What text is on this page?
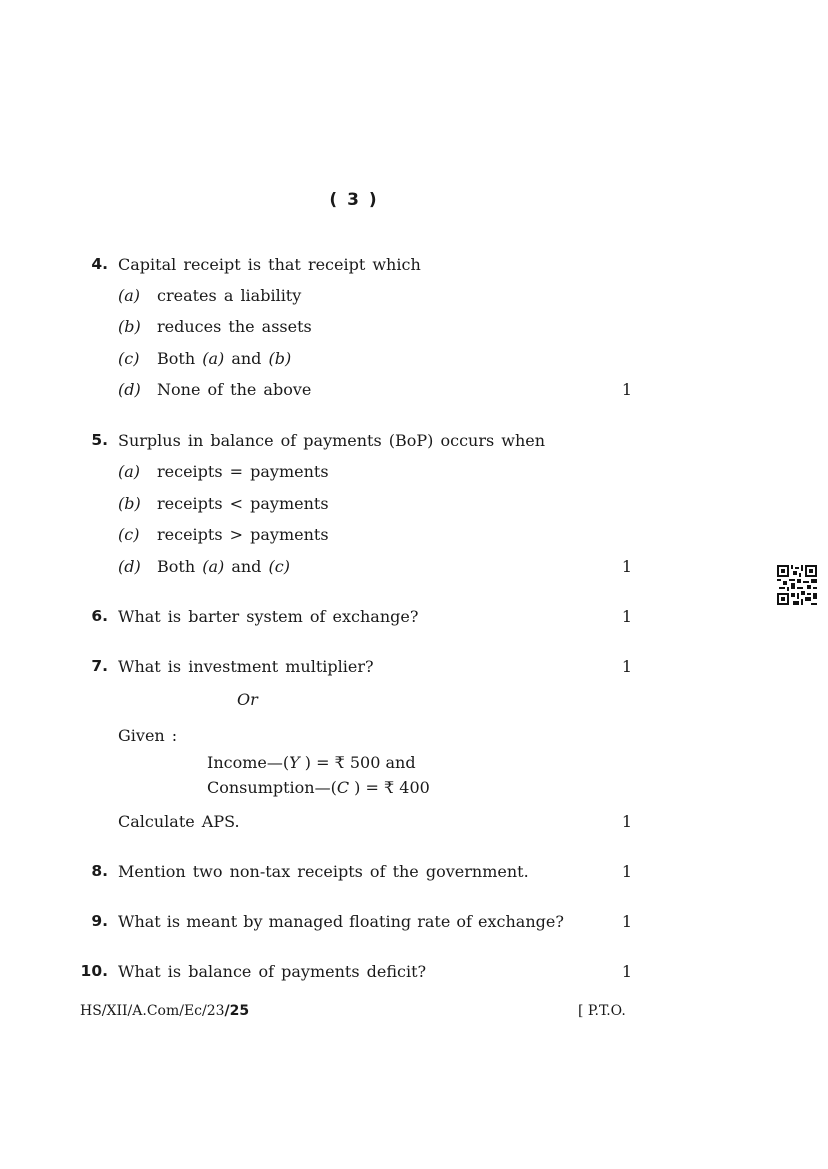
( 3 )
4. Capital receipt is that receipt which
(a) creates a liability
(b) reduces the assets
(c) Both (a) and (b)
(d) None of the above	1
5. Surplus in balance of payments (BoP) occurs when
(a) receipts = payments
(b) receipts < payments
(c) receipts > payments
(d) Both (a) and (c)	1
6. What is barter system of exchange?	1
7. What is investment multiplier?	1
Or
Given :
Income—(Y ) = ₹ 500 and
Consumption—(C ) = ₹ 400
Calculate APS.	1
8. Mention two non-tax receipts of the government.	1
9. What is meant by managed floating rate of exchange?	1
10. What is balance of payments deficit?	1
HS/XII/A.Com/Ec/23/25	[ P.T.O.
